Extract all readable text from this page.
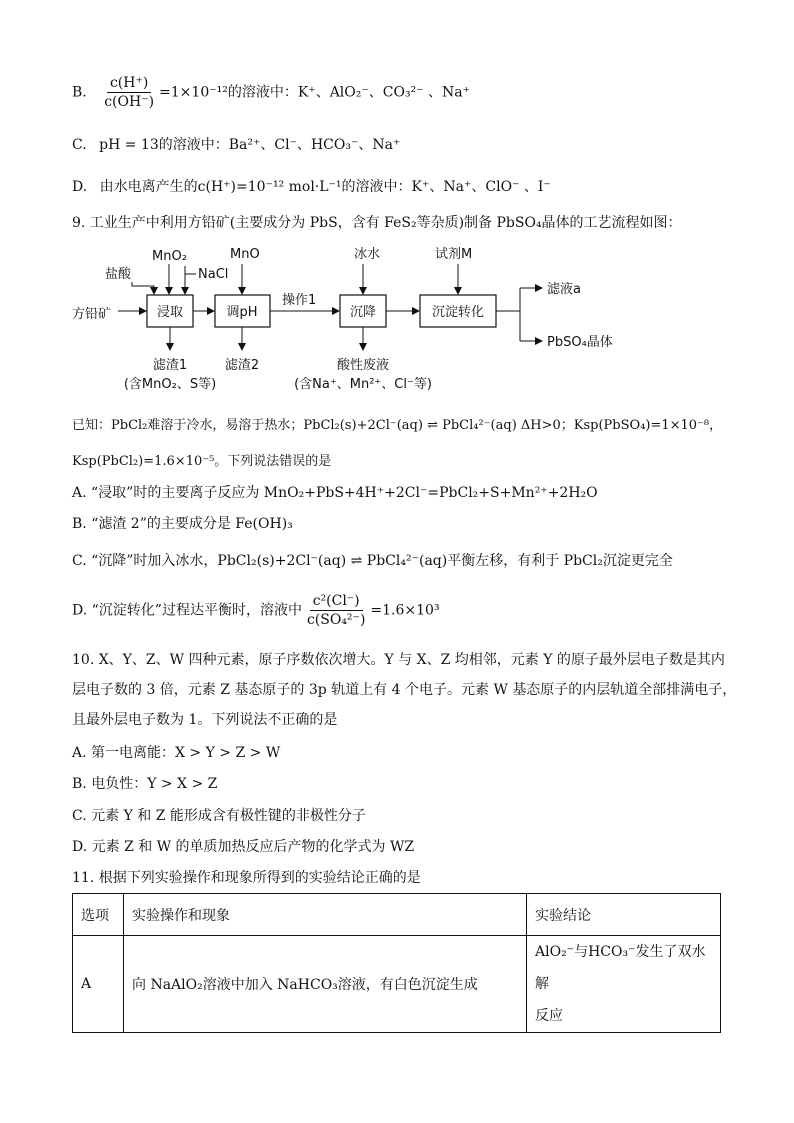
B. $\frac{c(H^+)}{c(OH^-)} =1\times 10^{-12}$的溶液中：K⁺、AlO₂⁻、CO₃²⁻ 、Na⁺
C. pH = 13的溶液中：Ba²⁺、Cl⁻、HCO₃⁻、Na⁺
D. 由水电离产生的c(H⁺)=10⁻¹² mol·L⁻¹的溶液中：K⁺、Na⁺、ClO⁻ 、I⁻
9. 工业生产中利用方铅矿(主要成分为 PbS，含有 FeS₂等杂质)制备 PbSO₄晶体的工艺流程如图：
浸取	调pH	沉降	沉淀转化
方铅矿
操作1
滤液a
PbSO₄晶体
盐酸
MnO₂
NaCl
MnO	冰水	试剂M
滤渣1
(含MnO₂、S等)
滤渣2	酸性废液
(含Na⁺、Mn²⁺、Cl⁻等)
已知：PbCl₂难溶于冷水，易溶于热水；PbCl₂(s)+2Cl⁻(aq) ⇌ PbCl₄²⁻(aq) ΔH>0；Ksp(PbSO₄)=1×10⁻⁸，
Ksp(PbCl₂)=1.6×10⁻⁵。下列说法错误的是
A. “浸取”时的主要离子反应为 MnO₂+PbS+4H⁺+2Cl⁻=PbCl₂+S+Mn²⁺+2H₂O
B. “滤渣 2”的主要成分是 Fe(OH)₃
C. “沉降”时加入冰水，PbCl₂(s)+2Cl⁻(aq) ⇌ PbCl₄²⁻(aq)平衡左移，有利于 PbCl₂沉淀更完全
D. “沉淀转化”过程达平衡时，溶液中 $\frac{\text{c²(Cl⁻)}}{\text{c(SO₄²⁻)}} =1.6\times 10^3$
10. X、Y、Z、W 四种元素，原子序数依次增大。Y 与 X、Z 均相邻，元素 Y 的原子最外层电子数是其内
层电子数的 3 倍，元素 Z 基态原子的 3p 轨道上有 4 个电子。元素 W 基态原子的内层轨道全部排满电子，
且最外层电子数为 1。下列说法不正确的是
A. 第一电离能：X > Y > Z > W
B. 电负性：Y > X > Z
C. 元素 Y 和 Z 能形成含有极性键的非极性分子
D. 元素 Z 和 W 的单质加热反应后产物的化学式为 WZ
11. 根据下列实验操作和现象所得到的实验结论正确的是
选项	实验操作和现象	实验结论
A	向 NaAlO₂溶液中加入 NaHCO₃溶液，有白色沉淀生成	AlO₂⁻与HCO₃⁻发生了双水解
反应
